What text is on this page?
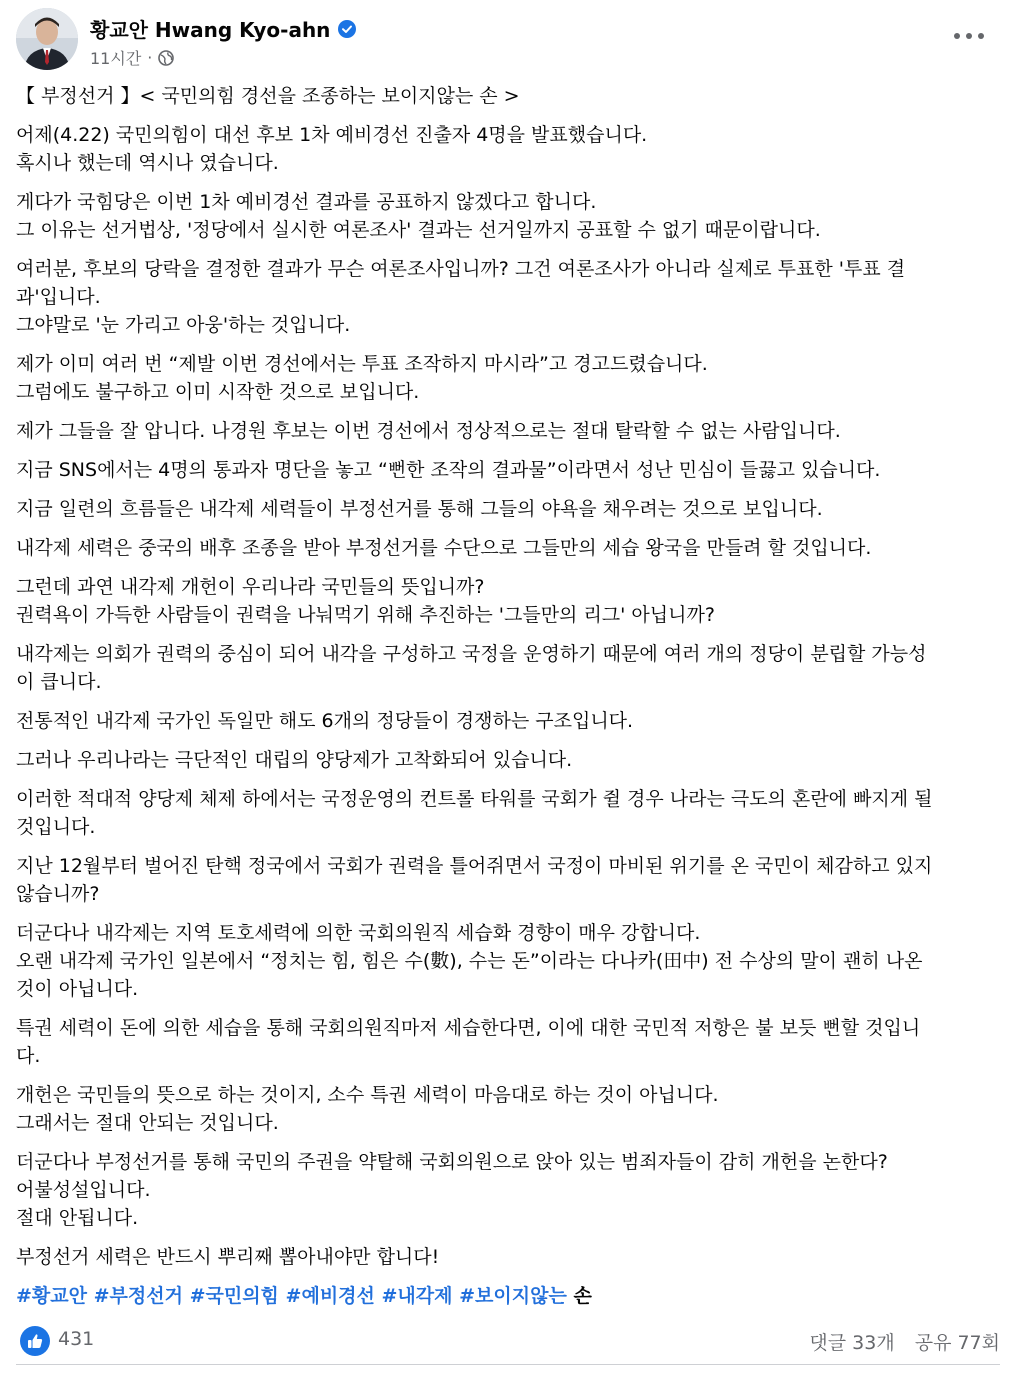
황교안 Hwang Kyo-ahn
11시간 ·
【 부정선거 】< 국민의힘 경선을 조종하는 보이지않는 손 >
어제(4.22) 국민의힘이 대선 후보 1차 예비경선 진출자 4명을 발표했습니다.
혹시나 했는데 역시나 였습니다.
게다가 국힘당은 이번 1차 예비경선 결과를 공표하지 않겠다고 합니다.
그 이유는 선거법상, '정당에서 실시한 여론조사' 결과는 선거일까지 공표할 수 없기 때문이랍니다.
여러분, 후보의 당락을 결정한 결과가 무슨 여론조사입니까? 그건 여론조사가 아니라 실제로 투표한 '투표 결
과'입니다.
그야말로 '눈 가리고 아웅'하는 것입니다.
제가 이미 여러 번 “제발 이번 경선에서는 투표 조작하지 마시라”고 경고드렸습니다.
그럼에도 불구하고 이미 시작한 것으로 보입니다.
제가 그들을 잘 압니다. 나경원 후보는 이번 경선에서 정상적으로는 절대 탈락할 수 없는 사람입니다.
지금 SNS에서는 4명의 통과자 명단을 놓고 “뻔한 조작의 결과물”이라면서 성난 민심이 들끓고 있습니다.
지금 일련의 흐름들은 내각제 세력들이 부정선거를 통해 그들의 야욕을 채우려는 것으로 보입니다.
내각제 세력은 중국의 배후 조종을 받아 부정선거를 수단으로 그들만의 세습 왕국을 만들려 할 것입니다.
그런데 과연 내각제 개헌이 우리나라 국민들의 뜻입니까?
권력욕이 가득한 사람들이 권력을 나눠먹기 위해 추진하는 '그들만의 리그' 아닙니까?
내각제는 의회가 권력의 중심이 되어 내각을 구성하고 국정을 운영하기 때문에 여러 개의 정당이 분립할 가능성
이 큽니다.
전통적인 내각제 국가인 독일만 해도 6개의 정당들이 경쟁하는 구조입니다.
그러나 우리나라는 극단적인 대립의 양당제가 고착화되어 있습니다.
이러한 적대적 양당제 체제 하에서는 국정운영의 컨트롤 타워를 국회가 쥘 경우 나라는 극도의 혼란에 빠지게 될
것입니다.
지난 12월부터 벌어진 탄핵 정국에서 국회가 권력을 틀어쥐면서 국정이 마비된 위기를 온 국민이 체감하고 있지
않습니까?
더군다나 내각제는 지역 토호세력에 의한 국회의원직 세습화 경향이 매우 강합니다.
오랜 내각제 국가인 일본에서 “정치는 힘, 힘은 수(數), 수는 돈”이라는 다나카(田中) 전 수상의 말이 괜히 나온
것이 아닙니다.
특권 세력이 돈에 의한 세습을 통해 국회의원직마저 세습한다면, 이에 대한 국민적 저항은 불 보듯 뻔할 것입니
다.
개헌은 국민들의 뜻으로 하는 것이지, 소수 특권 세력이 마음대로 하는 것이 아닙니다.
그래서는 절대 안되는 것입니다.
더군다나 부정선거를 통해 국민의 주권을 약탈해 국회의원으로 앉아 있는 범죄자들이 감히 개헌을 논한다?
어불성설입니다.
절대 안됩니다.
부정선거 세력은 반드시 뿌리째 뽑아내야만 합니다!
#황교안 #부정선거 #국민의힘 #예비경선 #내각제 #보이지않는 손
431	댓글 33개 공유 77회
